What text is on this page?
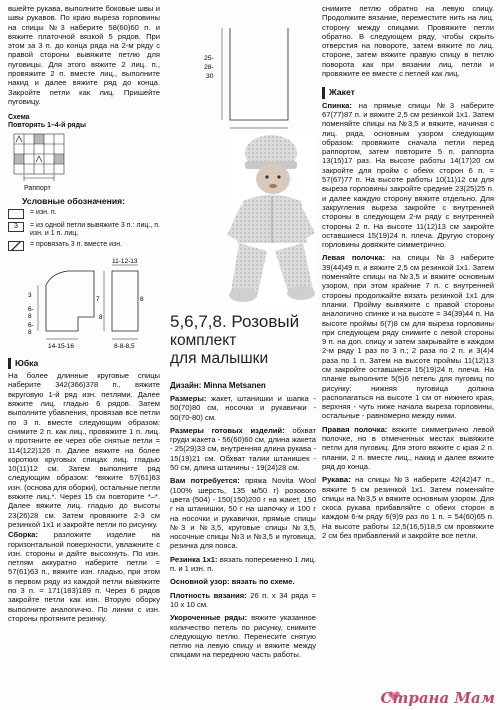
вшейте рукава, выполните боковые швы и швы рукавов. По краю выреза горловины на спицы №3 наберите 58(60)60 п. и вяжите платочной вязкой 5 рядов. При этом за 3 п. до конца ряда на 2-м ряду с правой стороны вывяжите петлю для пуговицы. Для этого вяжите 2 лиц. п., провяжите 2 п. вместе лиц., выполните накид и далее вяжите ряд до конца. Закройте петли как лиц. Пришейте пуговицу.

Схема
Повторять 1–4-й ряды
Раппорт
Условные обозначения:
= изн. п.
3	= из одной петли вывяжите 3 п.: лиц., п. изн. и 1 п. лиц.
= провязать 3 п. вместе изн.
11-12-13
3
6-
8
6-
8
7
14-15-16	8-8-8,5
8
8
Юбка

На более длинные круговые спицы наберите 342(366)378 п., вяжите вкруговую 1-й ряд изн. петлями. Далее вяжите лиц. гладью 6 рядов. Затем выполните убавления, провязав все петли по 3 п. вместе следующим образом: снимите 2 п. как лиц., провяжите 1 п. лиц. и протяните ее через обе снятые петли = 114(122)126 п. Далее вяжите на более коротких круговых спицах лиц. гладью 10(11)12 см. Затем выполните ряд следующим образом: *вяжите 57(61)63 изн. (основа для оборки), остальные петли вяжите лиц.*. Через 15 см повторите *–*. Далее вяжите лиц. гладью до высоты 23(26)28 см. Затем провяжите 2-3 см резинкой 1х1 и закройте петли по рисунку.

Сборка: разложите изделие на горизонтальной поверхности, увлажните с изн. стороны и дайте высохнуть. По изн. петлям аккуратно наберите петли = 57(61)63 п., вяжите изн. гладью, при этом в первом ряду из каждой петли вывяжите по 3 п. = 171(183)189 п. Через 6 рядов закройте петли как изн. Вторую оборку выполните аналогично. По линии с изн. стороны протяните резинку.

25-
28-
30
5,6,7,8. Розовый
комплект
для малышки
Дизайн: Minna Metsanen

Размеры: жакет, штанишки и шапка - 50(70)80 см, носочки и рукавички - 50(70-80) см.

Размеры готовых изделий: обхват груди жакета - 56(60)60 см, длина жакета - 25(29)33 см, внутренняя длина рукава - 15(19)21 см. Обхват талии штанишек - 50 см, длина штанины - 19(24)28 см.

Вам потребуется: пряжа Novita Wool (100% шерсть, 135 м/50 г) розового цвета (504) - 150(150)200 г на жакет, 150 г на штанишки, 50 г на шапочку и 100 г на носочки и рукавички, прямые спицы №3 и №3,5, круговые спицы №3,5, носочные спицы №3 и №3,5 и пуговица, резинка для пояса.

Резинка 1х1: вязать попеременно 1 лиц. п. и 1 изн. п.

Основной узор: вязать по схеме.

Плотность вязания: 26 п. х 34 ряда = 10 х 10 см.

Укороченные ряды: вяжите указанное количество петель по рисунку, снимите следующую петлю. Перенесите снятую петлю на левую спицу и вяжите между спицами на переднюю часть работы.

снимите петлю обратно на левую спицу. Продолжите вязание, переместите нить на лиц. сторону между спицами. Провяжите петли обратно. В следующем ряду, чтобы скрыть отверстия на повороте, затем вяжите по лиц. стороне, затем вяжите правую спицу в петлю поворота как при вязании лиц. петли и провяжите ее вместе с петлей как лиц.

Жакет

Спинка: на прямые спицы №3 наберите 67(77)87 п. и вяжите 2,5 см резинкой 1х1. Затем поменяйте спицы на №3,5 и вяжите, начиная с лиц. ряда, основным узором следующим образом: провяжите сначала петли перед раппортом, затем повторите 5 п. раппорта 13(15)17 раз. На высоте работы 14(17)20 см закройте для пройм с обеих сторон 6 п. = 57(67)77 п. На высоте работы 10(11)12 см для выреза горловины закройте средние 23(25)25 п. и далее каждую сторону вяжите отдельно. Для закругления выреза закройте с внутренней стороны в следующем 2-м ряду с внутренней стороны 2 п. На высоте 11(12)13 см закройте оставшиеся 15(19)24 п. плеча. Другую сторону горловины довяжите симметрично.

Левая полочка: на спицы №3 наберите 39(44)49 п. и вяжите 2,5 см резинкой 1х1. Затем поменяйте спицы на №3,5 и вяжите основным узором, при этом крайние 7 п. с внутренней стороны продолжайте вязать резинкой 1х1 для планки. Пройму вывяжите с правой стороны аналогично спинке и на высоте = 34(39)44 п. На высоте проймы 6(7)8 см для выреза горловины при следующем ряду снимите с левой стороны 9 п. на доп. спицу и затем закрывайте в каждом 2-м ряду 1 раз по 3 п.; 2 раза по 2 п. и 3(4)4 раза по 1 п. Затем на высоте проймы 11(12)13 см закройте оставшиеся 15(19)24 п. плеча. На планке выполните 5(5)6 петель для пуговиц по рисунку: нижняя пуговица должна располагаться на высоте 1 см от нижнего края, верхняя - чуть ниже начала выреза горловины, остальные - равномерно между ними.

Правая полочка: вяжите симметрично левой полочке, но в отмеченных местах вывяжите петли для пуговиц. Для этого вяжите с края 2 п. планки, 2 п. вместе лиц., накид и далее вяжите ряд до конца.

Рукава: на спицы №3 наберите 42(42)47 п., вяжите 5 см резинкой 1х1. Затем поменяйте спицы на №3,5 и вяжите основным узором. Для скоса рукава прибавляйте с обеих сторон в каждом 6-м ряду 6(9)9 раз по 1 п. = 54(60)65 п. На высоте работы 12,5(16,5)18,5 см провяжите 2 см без прибавлений и закройте все петли.

Страна Мам
